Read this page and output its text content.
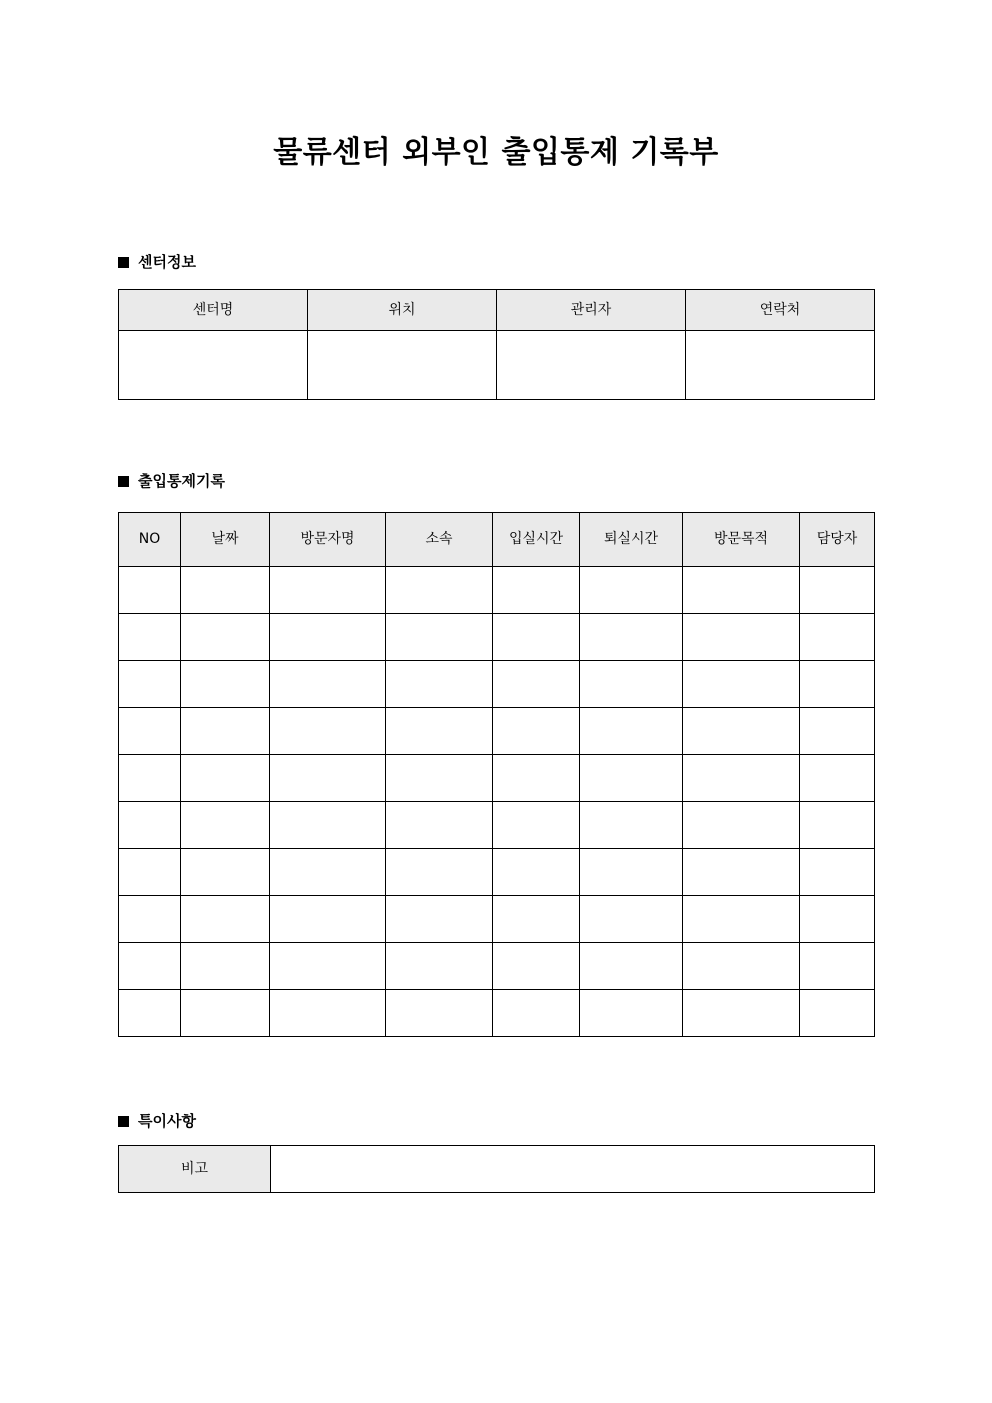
물류센터 외부인 출입통제 기록부
센터정보
센터명	위치	관리자	연락처

출입통제기록
NO	날짜	방문자명	소속	입실시간	퇴실시간	방문목적	담당자

특이사항
비고	
